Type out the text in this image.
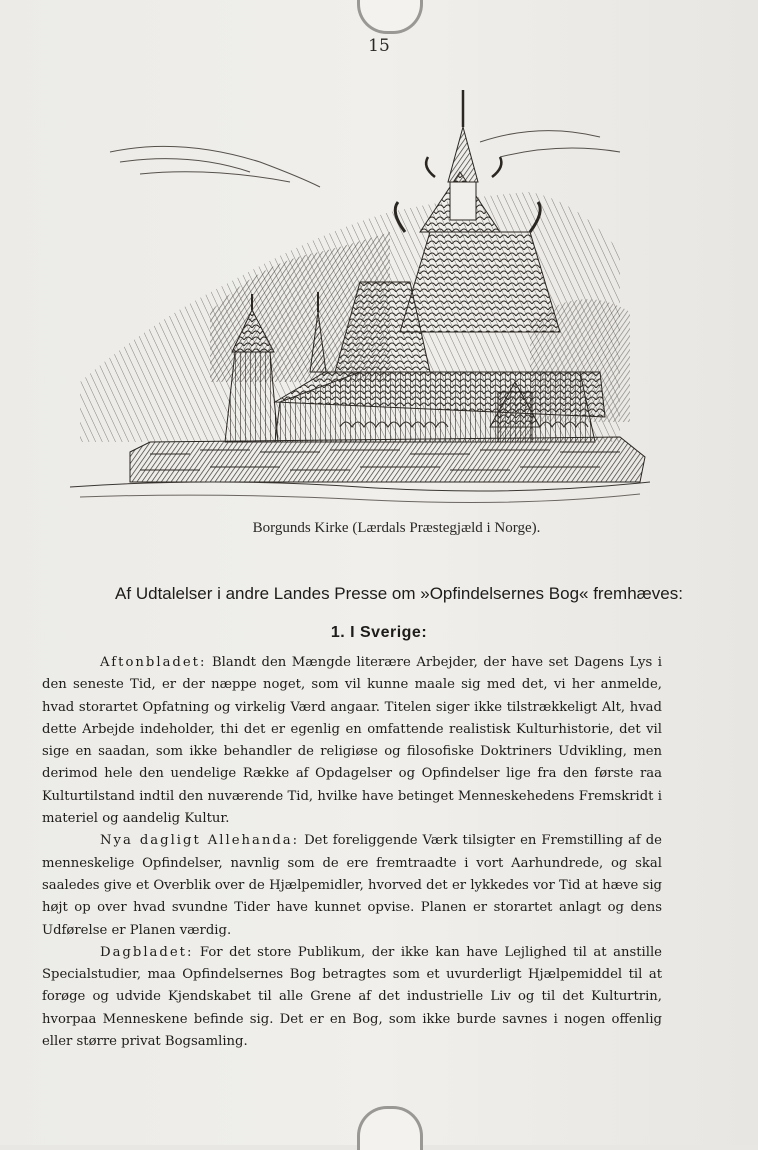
15
Borgunds Kirke (Lærdals Præstegjæld i Norge).
Af Udtalelser i andre Landes Presse om »Opfindelsernes Bog« fremhæves:
1. I Sverige:

Aftonbladet: Blandt den Mængde literære Arbejder, der have set Dagens Lys i den seneste Tid, er der næppe noget, som vil kunne maale sig med det, vi her anmelde, hvad storartet Opfatning og virkelig Værd angaar. Titelen siger ikke tilstrækkeligt Alt, hvad dette Arbejde indeholder, thi det er egenlig en omfattende realistisk Kulturhistorie, det vil sige en saadan, som ikke behandler de religiøse og filosofiske Doktriners Udvikling, men derimod hele den uendelige Række af Opdagelser og Opfindelser lige fra den første raa Kulturtilstand indtil den nuværende Tid, hvilke have betinget Menneskehedens Fremskridt i materiel og aandelig Kultur.

Nya dagligt Allehanda: Det foreliggende Værk tilsigter en Fremstilling af de menneskelige Opfindelser, navnlig som de ere fremtraadte i vort Aarhundrede, og skal saaledes give et Overblik over de Hjælpemidler, hvorved det er lykkedes vor Tid at hæve sig højt op over hvad svundne Tider have kunnet opvise. Planen er storartet anlagt og dens Udførelse er Planen værdig.

Dagbladet: For det store Publikum, der ikke kan have Lejlighed til at anstille Specialstudier, maa Opfindelsernes Bog betragtes som et uvurderligt Hjælpemiddel til at forøge og udvide Kjendskabet til alle Grene af det industrielle Liv og til det Kulturtrin, hvorpaa Menneskene befinde sig. Det er en Bog, som ikke burde savnes i nogen offenlig eller større privat Bogsamling.
